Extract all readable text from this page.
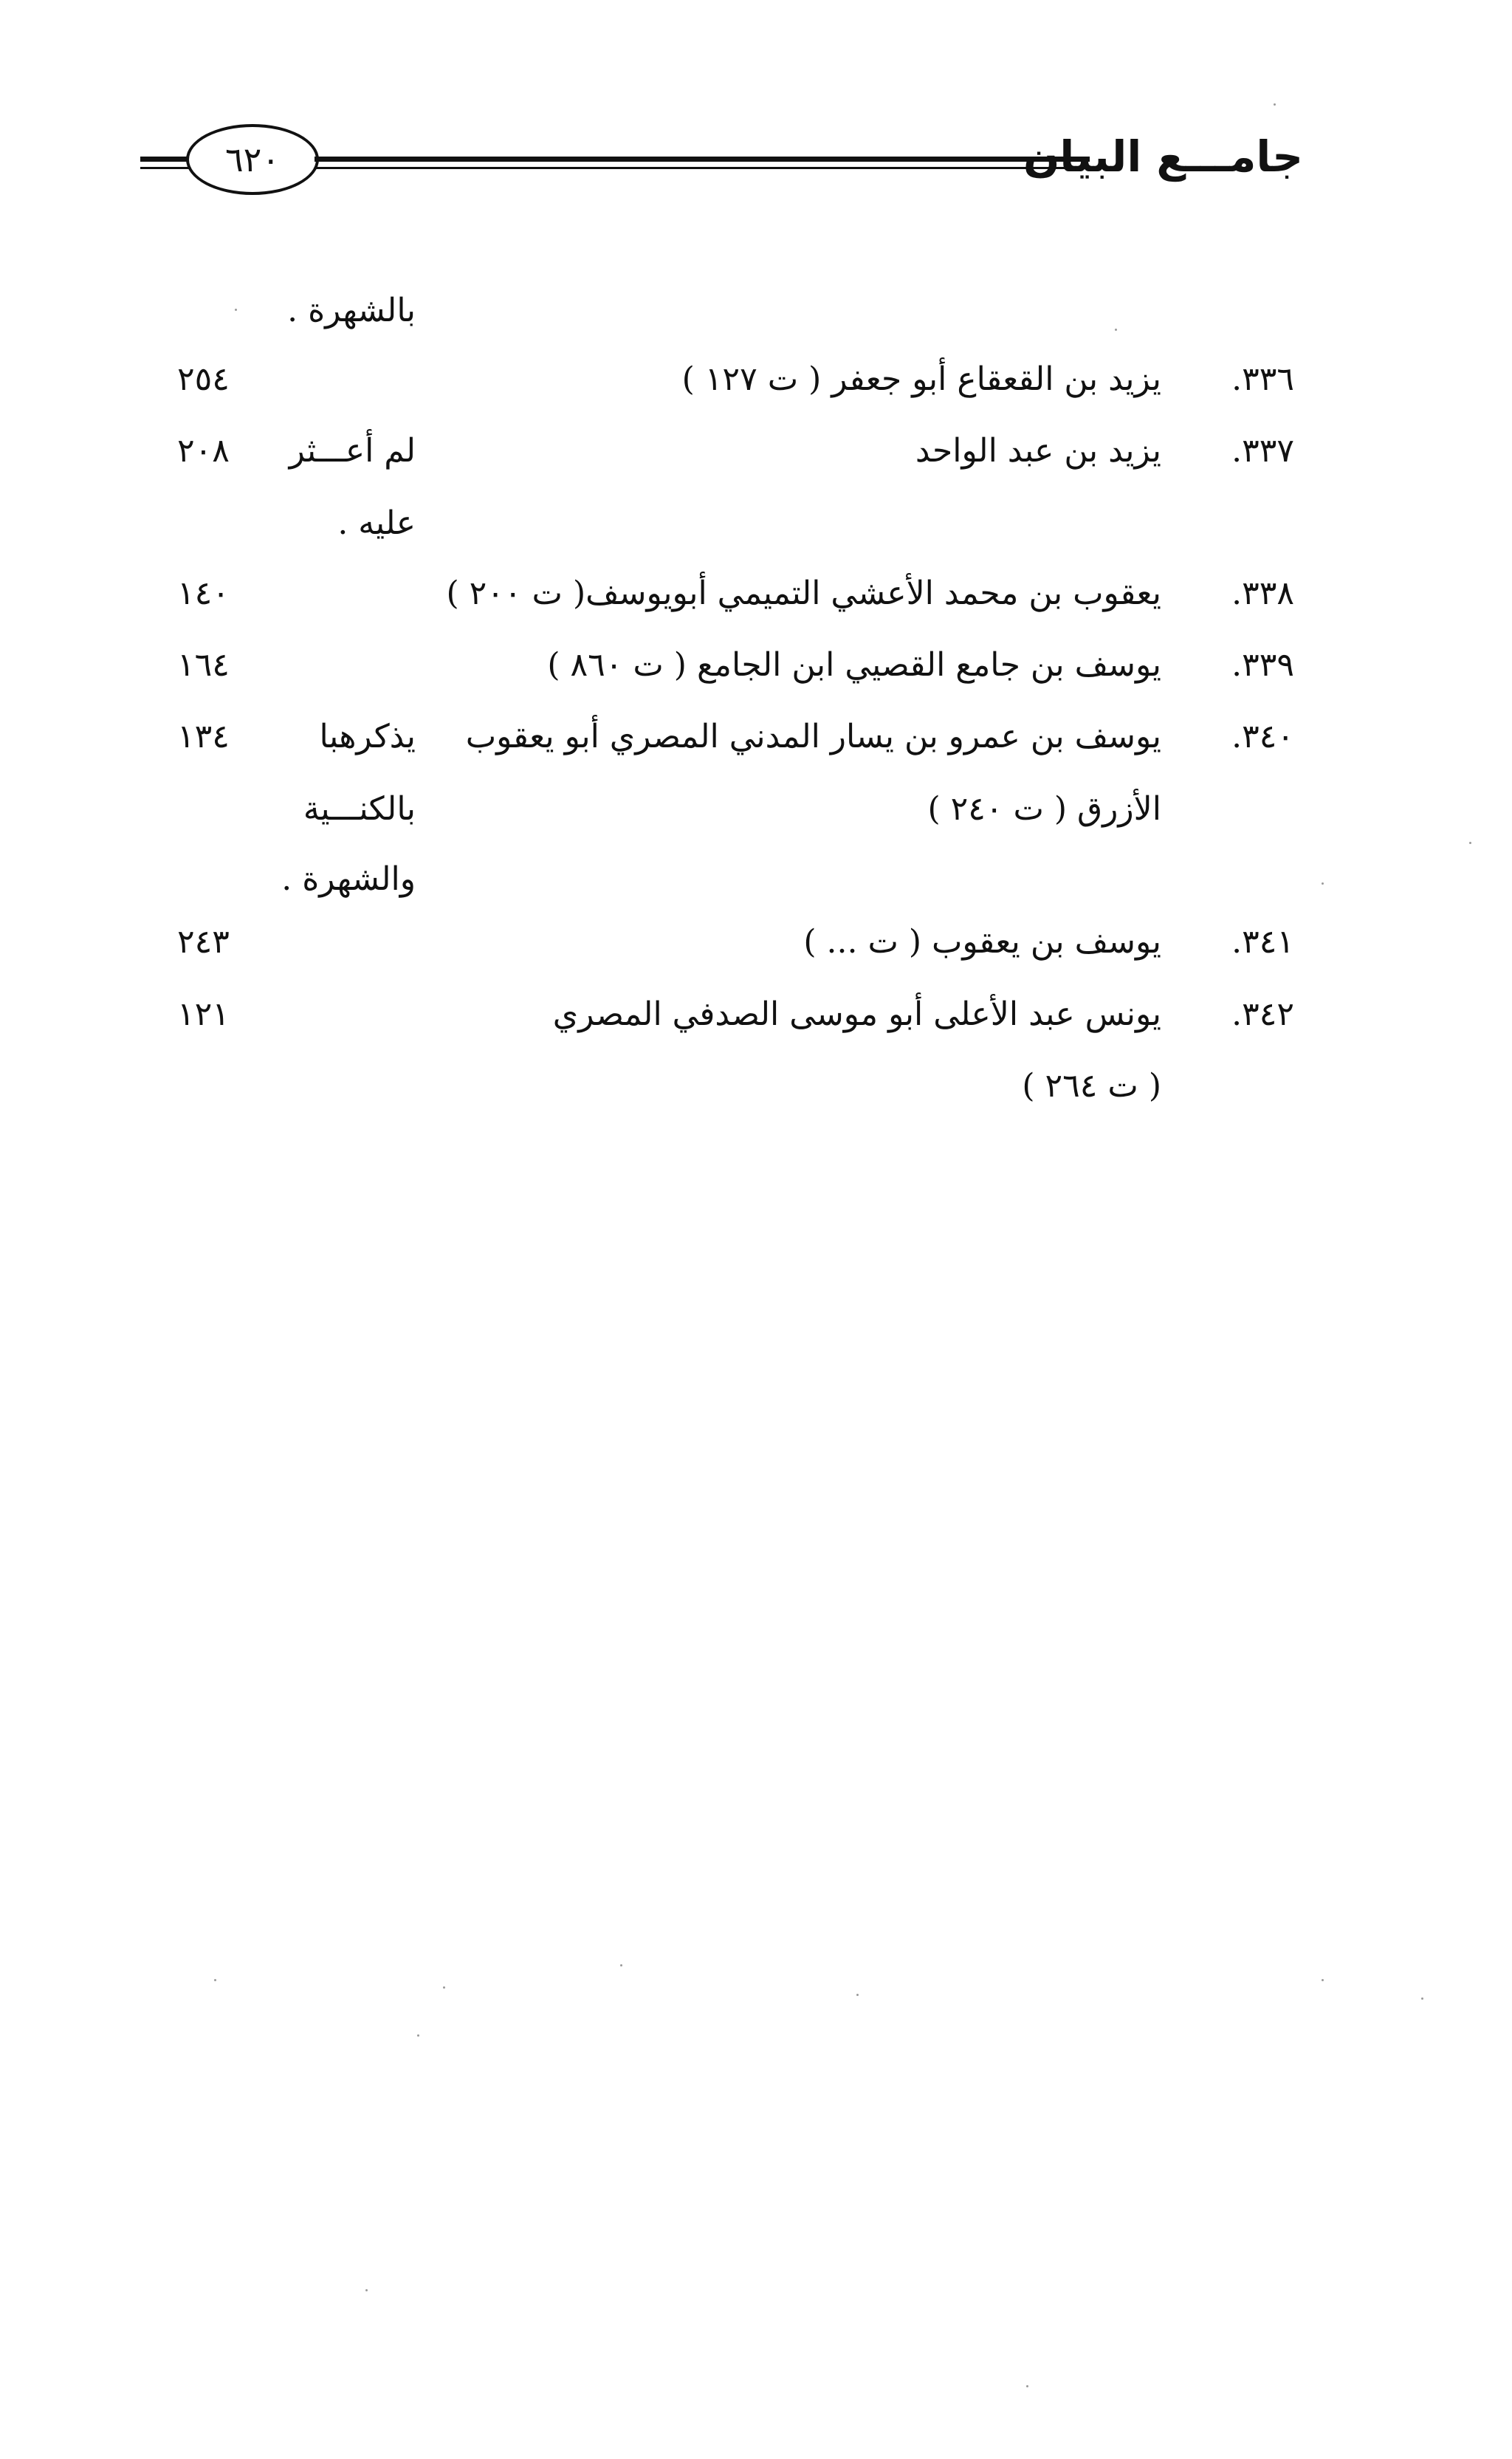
٦٢٠	جامـــع البيان
بالشهرة .
٣٣٦.
يزيد بن القعقاع أبو جعفر ( ت ١٢٧ )
٢٥٤
٣٣٧.
يزيد بن عبد الواحد
لم أعـــثر
٢٠٨
عليه .
٣٣٨.
يعقوب بن محمد الأعشي التميمي أبويوسف( ت ٢٠٠ )
١٤٠
٣٣٩.
يوسف بن جامع القصيي ابن الجامع ( ت ٨٦٠ )
١٦٤
٣٤٠.
يوسف بن عمرو بن يسار المدني المصري أبو يعقوب
يذكرهبا
١٣٤
الأزرق ( ت ٢٤٠ )
بالكنـــية
والشهرة .
٣٤١.
يوسف بن يعقوب ( ت ... )
٢٤٣
٣٤٢.
يونس عبد الأعلى أبو موسى الصدفي المصري
١٢١
( ت ٢٦٤ )
